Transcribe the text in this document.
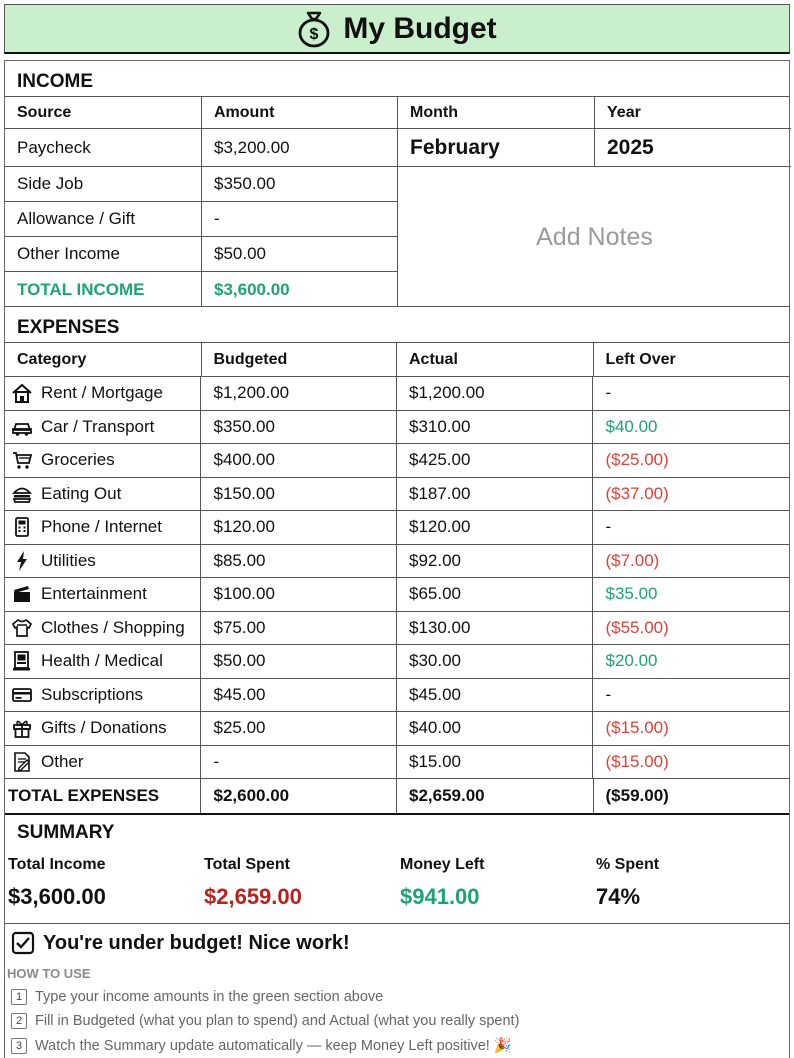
$ My Budget
INCOME
Source	Amount	Month	Year
Paycheck	$3,200.00	February	2025
Side Job	$350.00
Allowance / Gift	-
Other Income	$50.00
TOTAL INCOME	$3,600.00
Add Notes
EXPENSES
Category	Budgeted	Actual	Left Over
Rent / Mortgage	$1,200.00	$1,200.00	-
Car / Transport	$350.00	$310.00	$40.00
Groceries	$400.00	$425.00	($25.00)
Eating Out	$150.00	$187.00	($37.00)
Phone / Internet	$120.00	$120.00	-
Utilities	$85.00	$92.00	($7.00)
Entertainment	$100.00	$65.00	$35.00
Clothes / Shopping	$75.00	$130.00	($55.00)
Health / Medical	$50.00	$30.00	$20.00
Subscriptions	$45.00	$45.00	-
Gifts / Donations	$25.00	$40.00	($15.00)
Other	-	$15.00	($15.00)
TOTAL EXPENSES	$2,600.00	$2,659.00	($59.00)
SUMMARY
Total Income	Total Spent	Money Left	% Spent
$3,600.00	$2,659.00	$941.00	74%
You're under budget! Nice work!
HOW TO USE
1 Type your income amounts in the green section above
2 Fill in Budgeted (what you plan to spend) and Actual (what you really spent)
3 Watch the Summary update automatically — keep Money Left positive! 🎉
